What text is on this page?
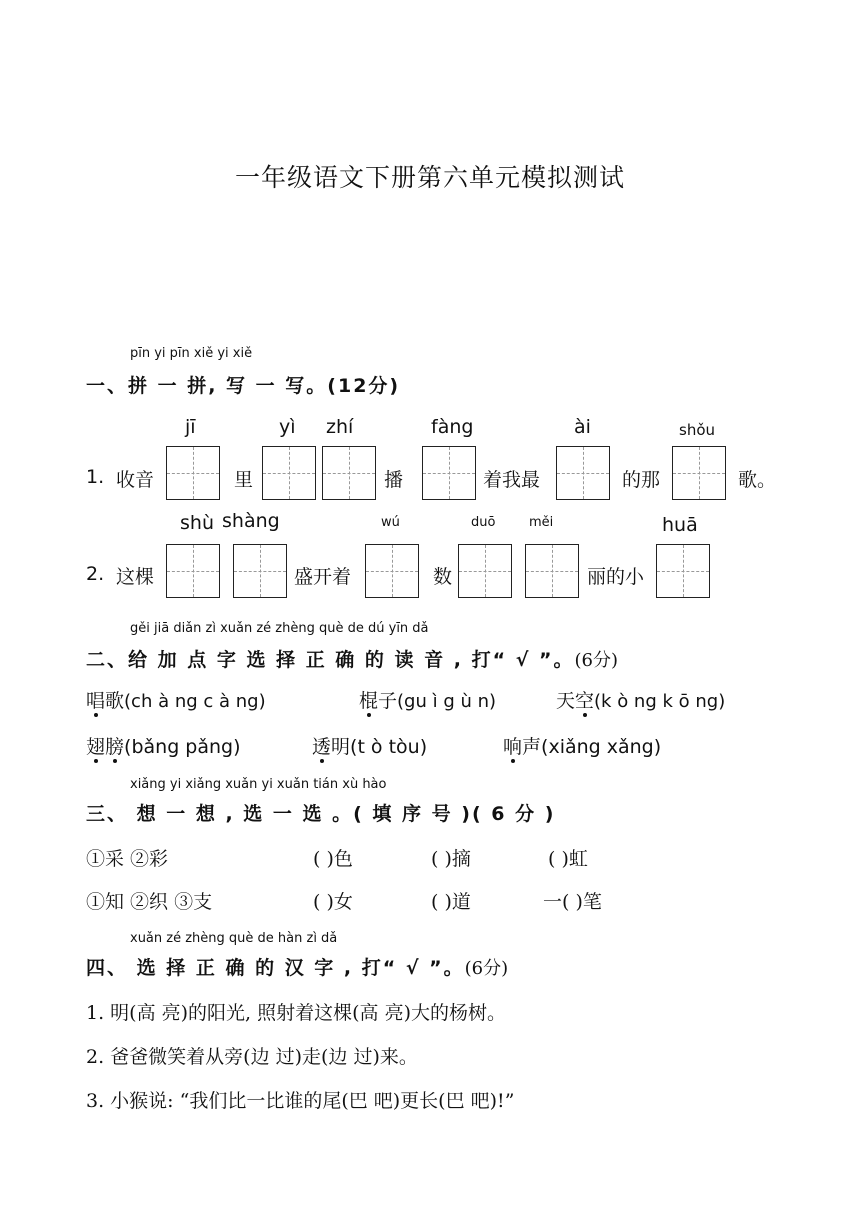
一年级语文下册第六单元模拟测试
pīn yi pīn xiě yi xiě
一、拼 一 拼, 写 一 写。(12分)
jī	yì zhí	fàng	ài	shǒu
1. 收音	里	播	着我最	的那	歌。
shù shàng	wú	duō	měi	huā
2. 这棵	盛开着	数	丽的小
gěi jiā diǎn zì xuǎn zé zhèng què de dú yīn dǎ
二、给 加 点 字 选 择 正 确 的 读 音 , 打“ √ ”。(6分)
唱歌(ch à ng c à ng)	棍子(gu ì g ù n)	天空(k ò ng k ō ng)
翅膀(bǎng pǎng)	透明(t ò tòu)	响声(xiǎng xǎng)
xiǎng yi xiǎng xuǎn yi xuǎn tián xù hào
三、 想 一 想 , 选 一 选 。( 填 序 号 )( 6 分 )
①采 ②彩	( )色	( )摘	( )虹
①知 ②织 ③支	( )女	( )道	一( )笔
xuǎn zé zhèng què de hàn zì dǎ
四、 选 择 正 确 的 汉 字 , 打“ √ ”。(6分)
1. 明(高 亮)的阳光, 照射着这棵(高 亮)大的杨树。
2. 爸爸微笑着从旁(边 过)走(边 过)来。
3. 小猴说: “我们比一比谁的尾(巴 吧)更长(巴 吧)!”
